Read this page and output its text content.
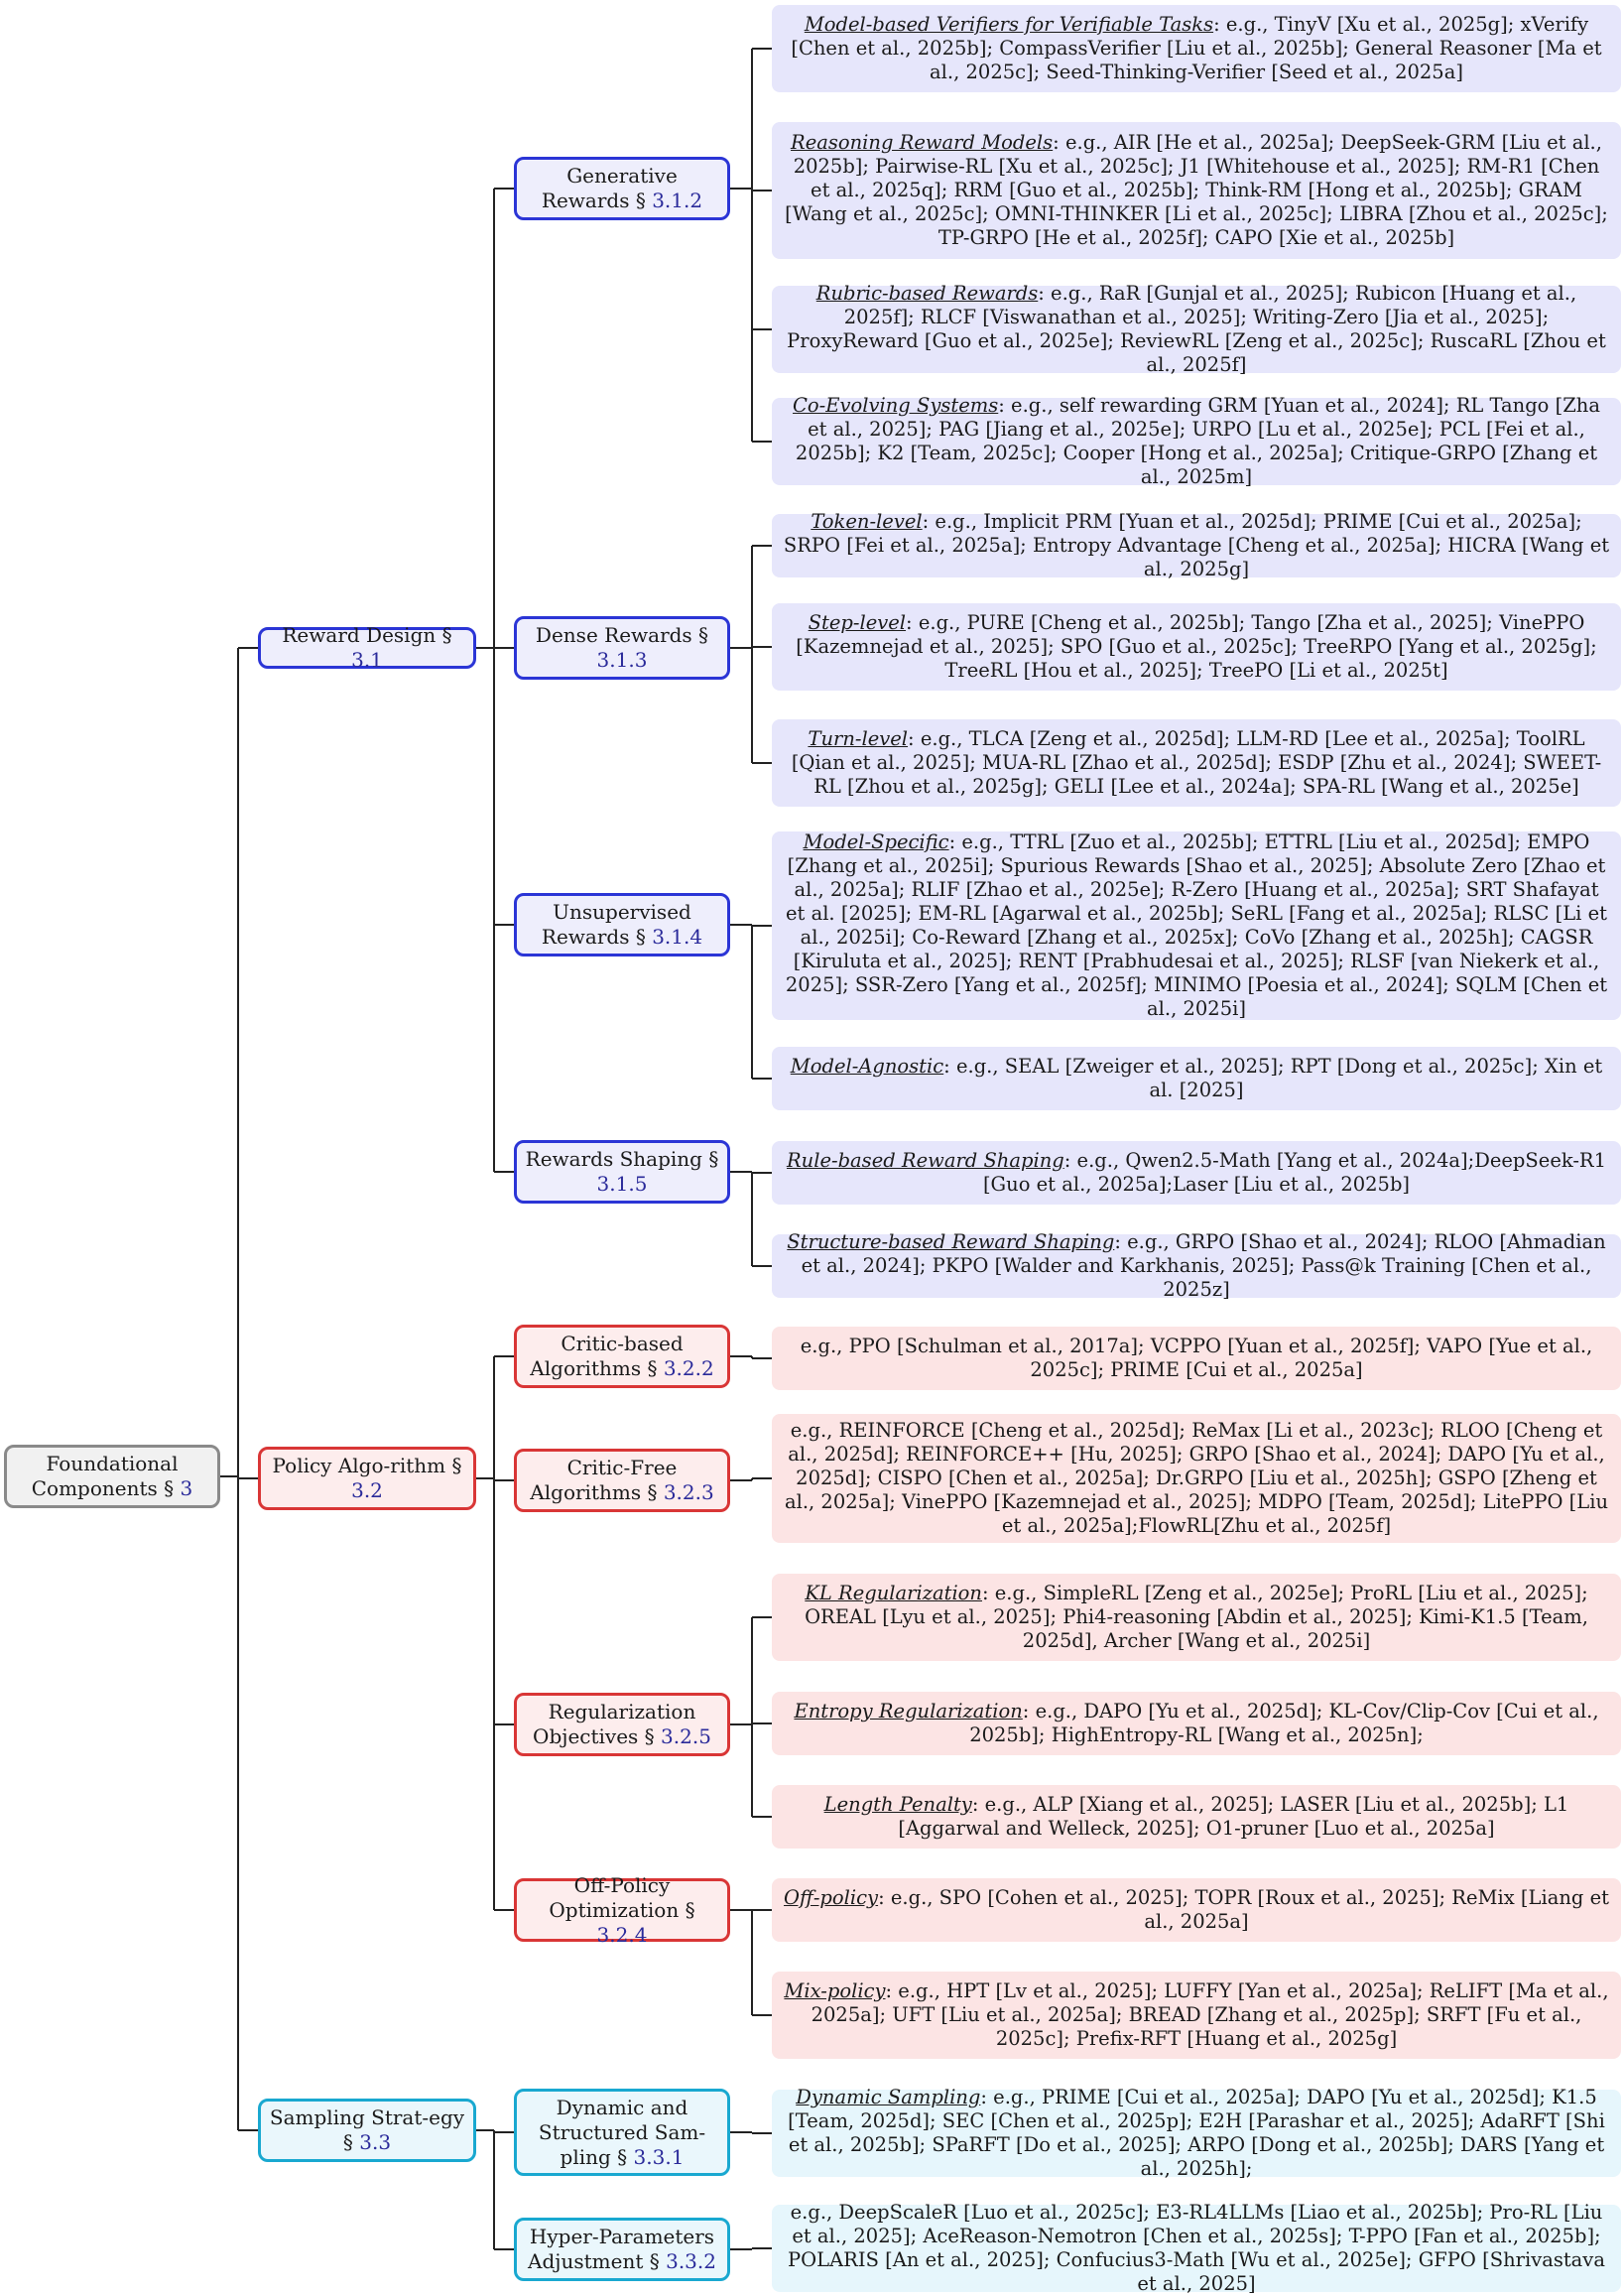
Foundational Components § 3
Reward Design § 3.1
Policy Algo-rithm § 3.2
Sampling Strat-egy § 3.3
Generative Rewards § 3.1.2
Dense Rewards § 3.1.3
Unsupervised Rewards § 3.1.4
Rewards Shaping § 3.1.5
Critic-based Algorithms § 3.2.2
Critic-Free Algorithms § 3.2.3
Regularization Objectives § 3.2.5
Off-Policy Optimization § 3.2.4
Dynamic and Structured Sam-pling § 3.3.1
Hyper-Parameters Adjustment § 3.3.2
Model-based Verifiers for Verifiable Tasks: e.g., TinyV [Xu et al., 2025g]; xVerify [Chen et al., 2025b]; CompassVerifier [Liu et al., 2025b]; General Reasoner [Ma et al., 2025c]; Seed-Thinking-Verifier [Seed et al., 2025a]
Reasoning Reward Models: e.g., AIR [He et al., 2025a]; DeepSeek-GRM [Liu et al., 2025b]; Pairwise-RL [Xu et al., 2025c]; J1 [Whitehouse et al., 2025]; RM-R1 [Chen et al., 2025q]; RRM [Guo et al., 2025b]; Think-RM [Hong et al., 2025b]; GRAM [Wang et al., 2025c]; OMNI-THINKER [Li et al., 2025c]; LIBRA [Zhou et al., 2025c]; TP-GRPO [He et al., 2025f]; CAPO [Xie et al., 2025b]
Rubric-based Rewards: e.g., RaR [Gunjal et al., 2025]; Rubicon [Huang et al., 2025f]; RLCF [Viswanathan et al., 2025]; Writing-Zero [Jia et al., 2025]; ProxyReward [Guo et al., 2025e]; ReviewRL [Zeng et al., 2025c]; RuscaRL [Zhou et al., 2025f]
Co-Evolving Systems: e.g., self rewarding GRM [Yuan et al., 2024]; RL Tango [Zha et al., 2025]; PAG [Jiang et al., 2025e]; URPO [Lu et al., 2025e]; PCL [Fei et al., 2025b]; K2 [Team, 2025c]; Cooper [Hong et al., 2025a]; Critique-GRPO [Zhang et al., 2025m]
Token-level: e.g., Implicit PRM [Yuan et al., 2025d]; PRIME [Cui et al., 2025a]; SRPO [Fei et al., 2025a]; Entropy Advantage [Cheng et al., 2025a]; HICRA [Wang et al., 2025g]
Step-level: e.g., PURE [Cheng et al., 2025b]; Tango [Zha et al., 2025]; VinePPO [Kazemnejad et al., 2025]; SPO [Guo et al., 2025c]; TreeRPO [Yang et al., 2025g]; TreeRL [Hou et al., 2025]; TreePO [Li et al., 2025t]
Turn-level: e.g., TLCA [Zeng et al., 2025d]; LLM-RD [Lee et al., 2025a]; ToolRL [Qian et al., 2025]; MUA-RL [Zhao et al., 2025d]; ESDP [Zhu et al., 2024]; SWEET-RL [Zhou et al., 2025g]; GELI [Lee et al., 2024a]; SPA-RL [Wang et al., 2025e]
Model-Specific: e.g., TTRL [Zuo et al., 2025b]; ETTRL [Liu et al., 2025d]; EMPO [Zhang et al., 2025i]; Spurious Rewards [Shao et al., 2025]; Absolute Zero [Zhao et al., 2025a]; RLIF [Zhao et al., 2025e]; R-Zero [Huang et al., 2025a]; SRT Shafayat et al. [2025]; EM-RL [Agarwal et al., 2025b]; SeRL [Fang et al., 2025a]; RLSC [Li et al., 2025i]; Co-Reward [Zhang et al., 2025x]; CoVo [Zhang et al., 2025h]; CAGSR [Kiruluta et al., 2025]; RENT [Prabhudesai et al., 2025]; RLSF [van Niekerk et al., 2025]; SSR-Zero [Yang et al., 2025f]; MINIMO [Poesia et al., 2024]; SQLM [Chen et al., 2025i]
Model-Agnostic: e.g., SEAL [Zweiger et al., 2025]; RPT [Dong et al., 2025c]; Xin et al. [2025]
Rule-based Reward Shaping: e.g., Qwen2.5-Math [Yang et al., 2024a];DeepSeek-R1 [Guo et al., 2025a];Laser [Liu et al., 2025b]
Structure-based Reward Shaping: e.g., GRPO [Shao et al., 2024]; RLOO [Ahmadian et al., 2024]; PKPO [Walder and Karkhanis, 2025]; Pass@k Training [Chen et al., 2025z]
e.g., PPO [Schulman et al., 2017a]; VCPPO [Yuan et al., 2025f]; VAPO [Yue et al., 2025c]; PRIME [Cui et al., 2025a]
e.g., REINFORCE [Cheng et al., 2025d]; ReMax [Li et al., 2023c]; RLOO [Cheng et al., 2025d]; REINFORCE++ [Hu, 2025]; GRPO [Shao et al., 2024]; DAPO [Yu et al., 2025d]; CISPO [Chen et al., 2025a]; Dr.GRPO [Liu et al., 2025h]; GSPO [Zheng et al., 2025a]; VinePPO [Kazemnejad et al., 2025]; MDPO [Team, 2025d]; LitePPO [Liu et al., 2025a];FlowRL[Zhu et al., 2025f]
KL Regularization: e.g., SimpleRL [Zeng et al., 2025e]; ProRL [Liu et al., 2025]; OREAL [Lyu et al., 2025]; Phi4-reasoning [Abdin et al., 2025]; Kimi-K1.5 [Team, 2025d], Archer [Wang et al., 2025i]
Entropy Regularization: e.g., DAPO [Yu et al., 2025d]; KL-Cov/Clip-Cov [Cui et al., 2025b]; HighEntropy-RL [Wang et al., 2025n];
Length Penalty: e.g., ALP [Xiang et al., 2025]; LASER [Liu et al., 2025b]; L1 [Aggarwal and Welleck, 2025]; O1-pruner [Luo et al., 2025a]
Off-policy: e.g., SPO [Cohen et al., 2025]; TOPR [Roux et al., 2025]; ReMix [Liang et al., 2025a]
Mix-policy: e.g., HPT [Lv et al., 2025]; LUFFY [Yan et al., 2025a]; ReLIFT [Ma et al., 2025a]; UFT [Liu et al., 2025a]; BREAD [Zhang et al., 2025p]; SRFT [Fu et al., 2025c]; Prefix-RFT [Huang et al., 2025g]
Dynamic Sampling: e.g., PRIME [Cui et al., 2025a]; DAPO [Yu et al., 2025d]; K1.5 [Team, 2025d]; SEC [Chen et al., 2025p]; E2H [Parashar et al., 2025]; AdaRFT [Shi et al., 2025b]; SPaRFT [Do et al., 2025]; ARPO [Dong et al., 2025b]; DARS [Yang et al., 2025h];
e.g., DeepScaleR [Luo et al., 2025c]; E3-RL4LLMs [Liao et al., 2025b]; Pro-RL [Liu et al., 2025]; AceReason-Nemotron [Chen et al., 2025s]; T-PPO [Fan et al., 2025b]; POLARIS [An et al., 2025]; Confucius3-Math [Wu et al., 2025e]; GFPO [Shrivastava et al., 2025]
